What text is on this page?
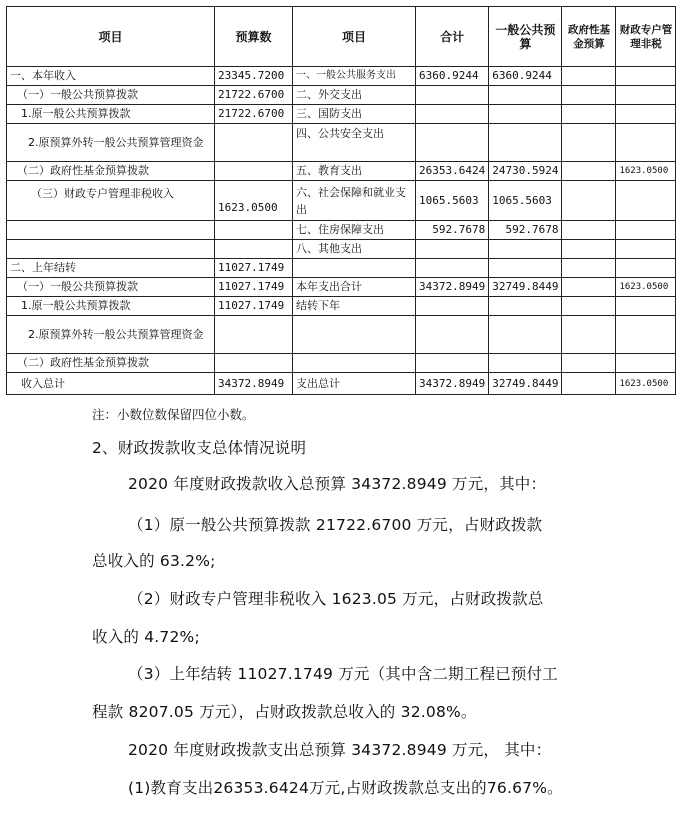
项目	预算数	项目	合计	一般公共预算	政府性基金预算	财政专户管理非税
一、本年收入	23345.7200	一、一般公共服务支出	6360.9244	6360.9244		
（一）一般公共预算拨款	21722.6700	二、外交支出				
1.原一般公共预算拨款	21722.6700	三、国防支出				

2.原预算外转一般公共预算管理资金		四、公共安全支出				
（二）政府性基金预算拨款		五、教育支出	26353.6424	24730.5924		1623.0500
（三）财政专户管理非税收入	1623.0500	六、社会保障和就业支出	1065.5603	1065.5603		
		七、住房保障支出	592.7678	592.7678		
		八、其他支出				
二、上年结转	11027.1749					
（一）一般公共预算拨款	11027.1749	本年支出合计	34372.8949	32749.8449		1623.0500
1.原一般公共预算拨款	11027.1749	结转下年				

2.原预算外转一般公共预算管理资金						

（二）政府性基金预算拨款						
收入总计	34372.8949	支出总计	34372.8949	32749.8449		1623.0500
注：小数位数保留四位小数。
2、财政拨款收支总体情况说明
2020 年度财政拨款收入总预算 34372.8949 万元，其中：
（1）原一般公共预算拨款 21722.6700 万元，占财政拨款
总收入的 63.2%;
（2）财政专户管理非税收入 1623.05 万元，占财政拨款总
收入的 4.72%;
（3）上年结转 11027.1749 万元（其中含二期工程已预付工
程款 8207.05 万元），占财政拨款总收入的 32.08%。
2020 年度财政拨款支出总预算 34372.8949 万元， 其中：
(1)教育支出26353.6424万元,占财政拨款总支出的76.67%。
